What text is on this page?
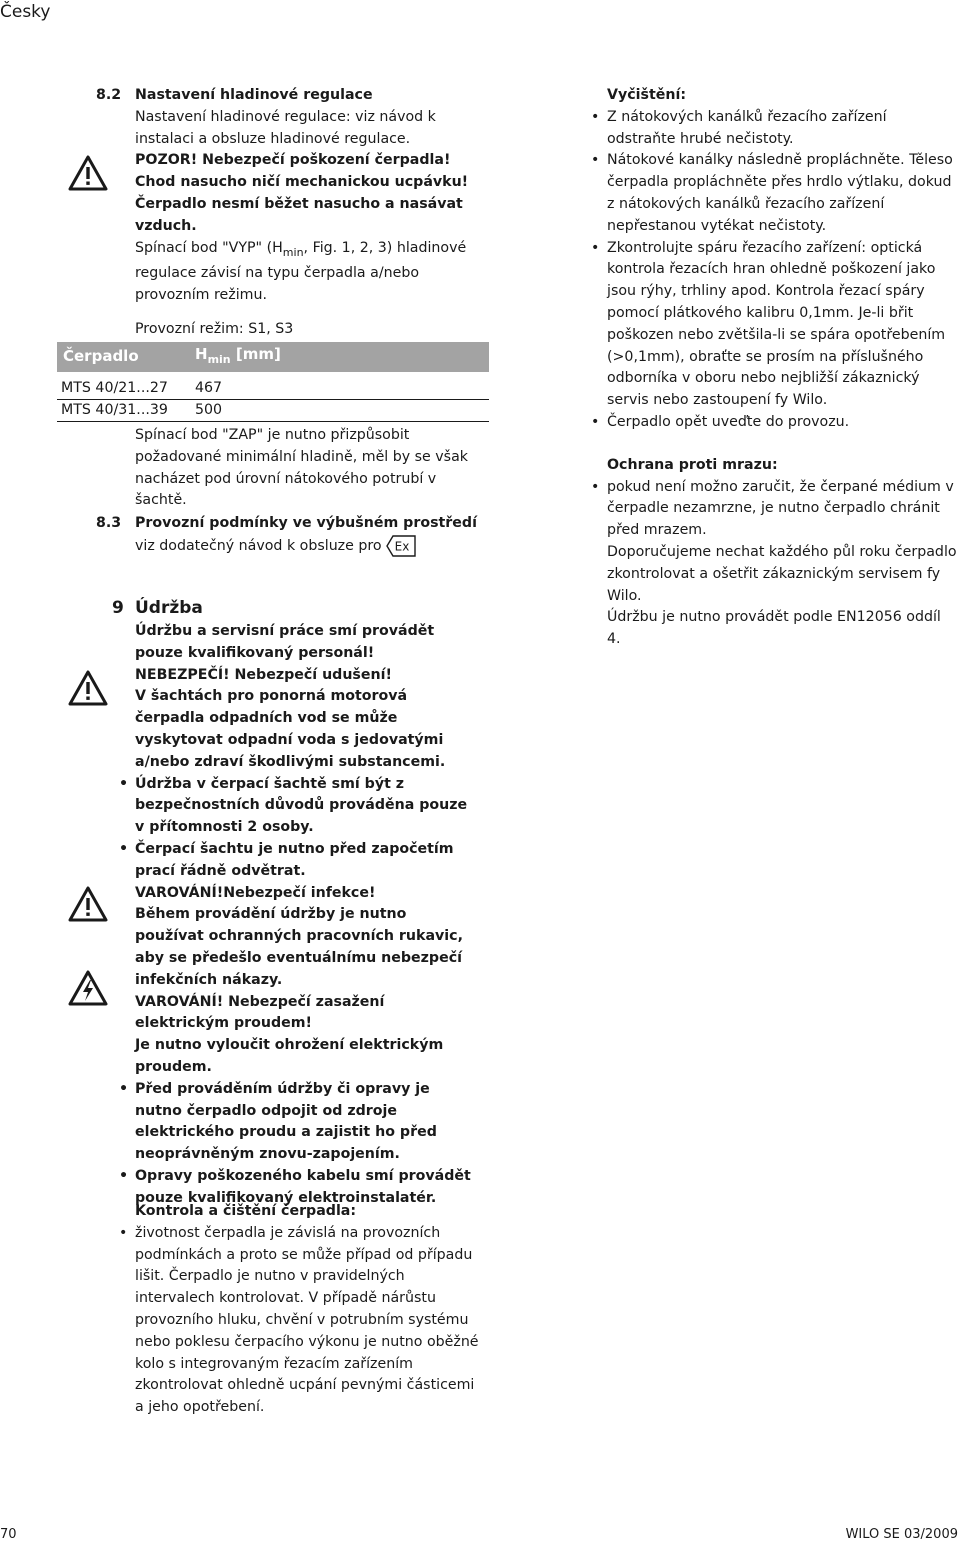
Česky
8.2 Nastavení hladinové regulace

Nastavení hladinové regulace: viz návod k instalaci a obsluze hladinové regulace.

POZOR! Nebezpečí poškození čerpadla! Chod nasucho ničí mechanickou ucpávku! Čerpadlo nesmí běžet nasucho a nasávat vzduch.

Spínací bod "VYP" ($H_{min}$, Fig. 1, 2, 3) hladinové regulace závisí na typu čerpadla a/nebo provozním režimu.

Provozní režim: S1, S3
Čerpadlo	$H_{min}$ [mm]

MTS 40/21...27	467
MTS 40/31...39	500
Spínací bod "ZAP" je nutno přizpůsobit požadované minimální hladině, měl by se však nacházet pod úrovní nátokového potrubí v šachtě.
8.3 Provozní podmínky ve výbušném prostředí

viz dodatečný návod k obsluze pro Ex

9 Údržba

Údržbu a servisní práce smí provádět pouze kvalifikovaný personál!

NEBEZPEČÍ! Nebezpečí udušení!

V šachtách pro ponorná motorová čerpadla odpadních vod se může vyskytovat odpadní voda s jedovatými a/nebo zdraví škodlivými substancemi.

• Údržba v čerpací šachtě smí být z bezpečnostních důvodů prováděna pouze v přítomnosti 2 osoby.
• Čerpací šachtu je nutno před započetím prací řádně odvětrat.

VAROVÁNÍ!Nebezpečí infekce!

Během provádění údržby je nutno používat ochranných pracovních rukavic, aby se předešlo eventuálnímu nebezpečí infekčních nákazy.

VAROVÁNÍ! Nebezpečí zasažení elektrickým proudem!

Je nutno vyloučit ohrožení elektrickým proudem.

• Před prováděním údržby či opravy je nutno čerpadlo odpojit od zdroje elektrického proudu a zajistit ho před neoprávněným znovu-zapojením.
• Opravy poškozeného kabelu smí provádět pouze kvalifikovaný elektroinstalatér.

Kontrola a čištění čerpadla:

• životnost čerpadla je závislá na provozních podmínkách a proto se může případ od případu lišit. Čerpadlo je nutno v pravidelných intervalech kontrolovat. V případě nárůstu provozního hluku, chvění v potrubním systému nebo poklesu čerpacího výkonu je nutno oběžné kolo s integrovaným řezacím zařízením zkontrolovat ohledně ucpání pevnými částicemi a jeho opotřebení.

Vyčištění:

• Z nátokových kanálků řezacího zařízení odstraňte hrubé nečistoty.
• Nátokové kanálky následně propláchněte. Těleso čerpadla propláchněte přes hrdlo výtlaku, dokud z nátokových kanálků řezacího zařízení nepřestanou vytékat nečistoty.
• Zkontrolujte spáru řezacího zařízení: optická kontrola řezacích hran ohledně poškození jako jsou rýhy, trhliny apod. Kontrola řezací spáry pomocí plátkového kalibru 0,1mm. Je-li břit poškozen nebo zvětšila-li se spára opotřebením (>0,1mm), obraťte se prosím na příslušného odborníka v oboru nebo nejbližší zákaznický servis nebo zastoupení fy Wilo.
• Čerpadlo opět uveďte do provozu.

Ochrana proti mrazu:

• pokud není možno zaručit, že čerpané médium v čerpadle nezamrzne, je nutno čerpadlo chránit před mrazem.

Doporučujeme nechat každého půl roku čerpadlo zkontrolovat a ošetřit zákaznickým servisem fy Wilo.

Údržbu je nutno provádět podle EN12056 oddíl 4.

70	WILO SE 03/2009
